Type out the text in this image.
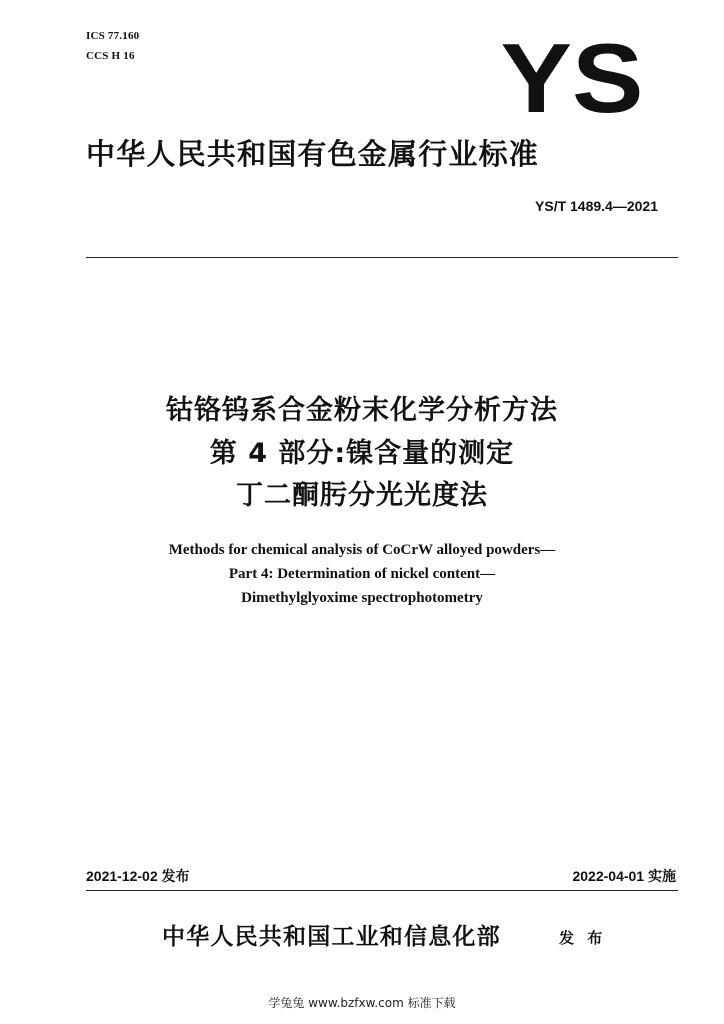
ICS 77.160
CCS H 16	YS
中华人民共和国有色金属行业标准
YS/T 1489.4—2021
钴铬钨系合金粉末化学分析方法
第 4 部分:镍含量的测定
丁二酮肟分光光度法
Methods for chemical analysis of CoCrW alloyed powders—
Part 4: Determination of nickel content—
Dimethylglyoxime spectrophotometry
2021-12-02 发布	2022-04-01 实施
中华人民共和国工业和信息化部	发 布
学兔兔 www.bzfxw.com 标准下载
